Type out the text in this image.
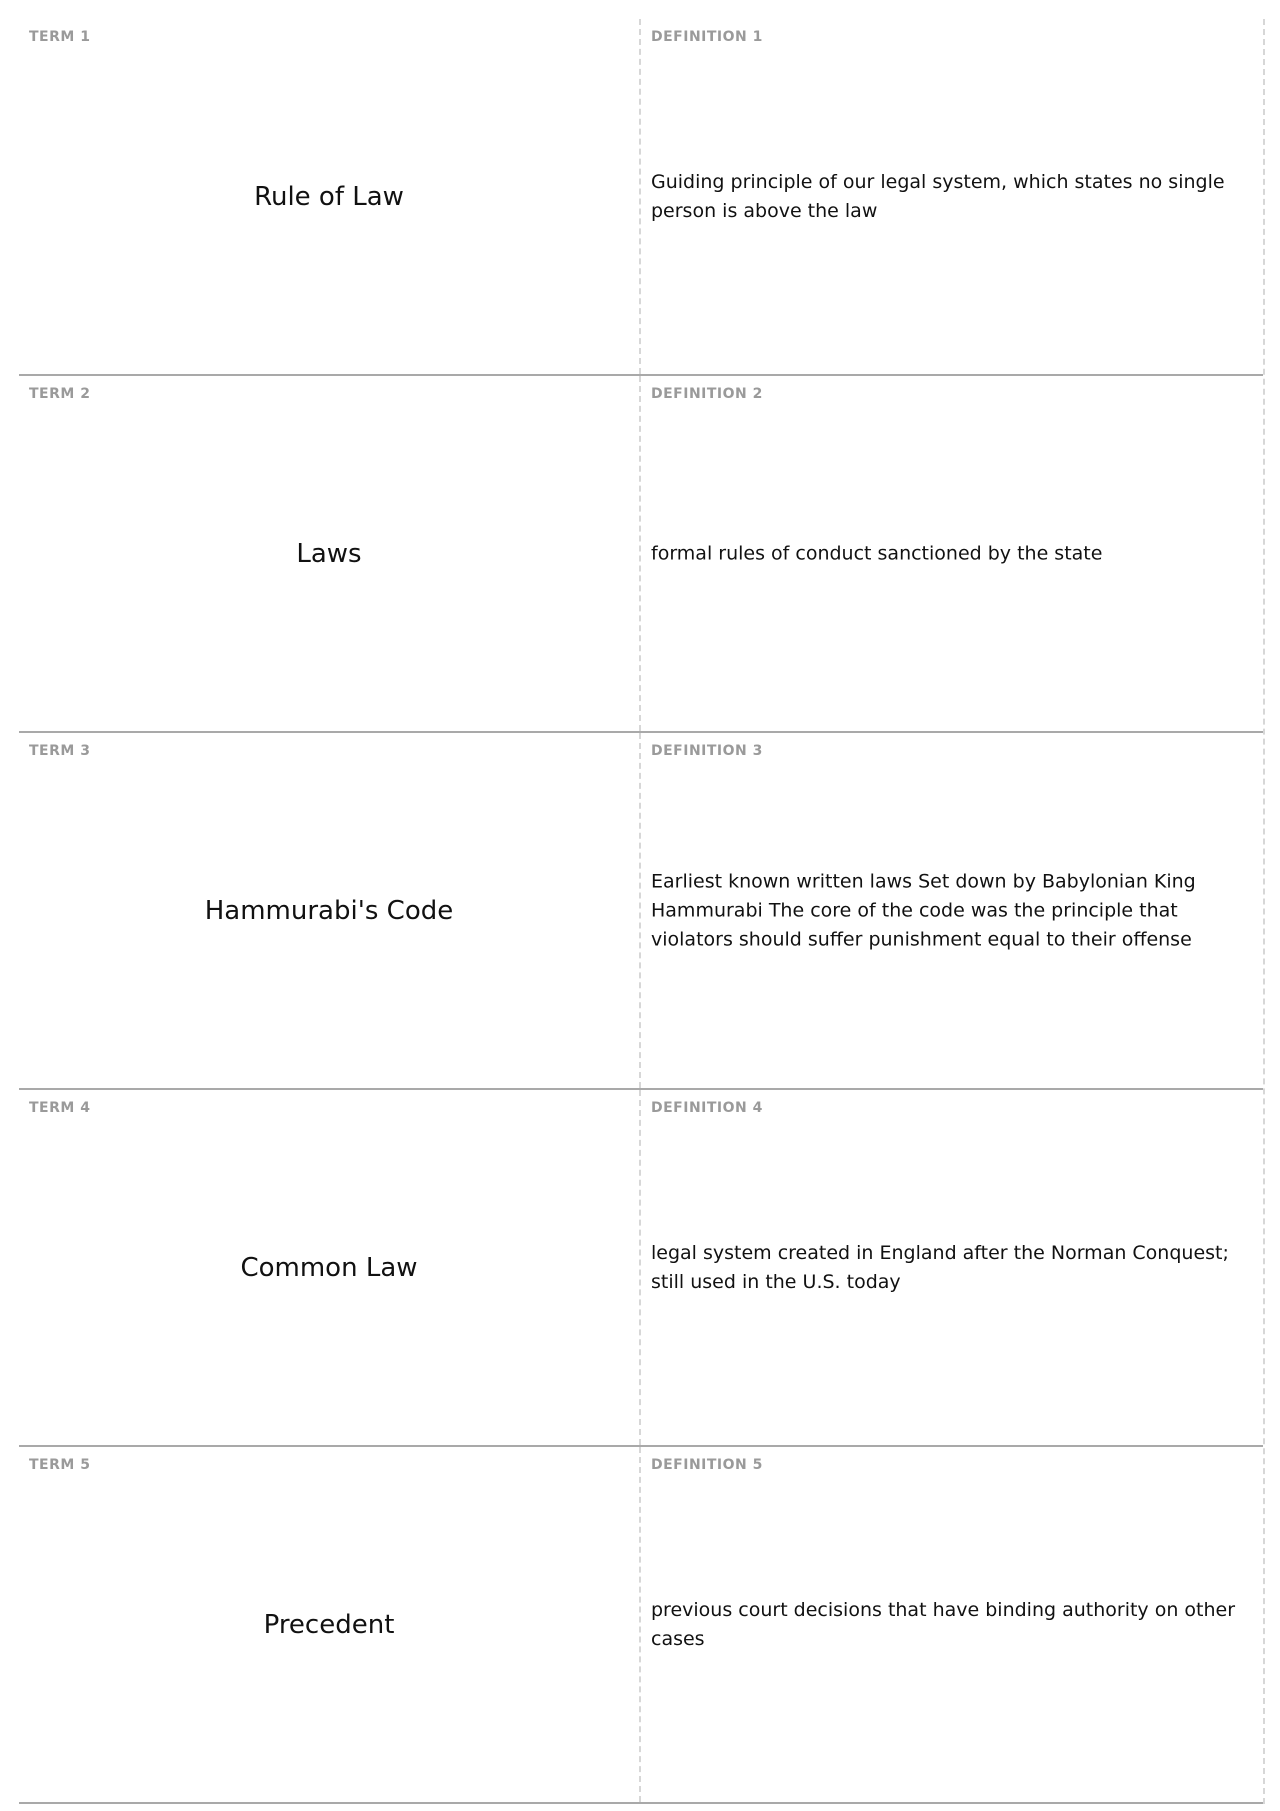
TERM 1
Rule of Law
DEFINITION 1
Guiding principle of our legal system, which states no single person is above the law
TERM 2
Laws
DEFINITION 2
formal rules of conduct sanctioned by the state
TERM 3
Hammurabi's Code
DEFINITION 3
Earliest known written laws Set down by Babylonian King Hammurabi The core of the code was the principle that violators should suffer punishment equal to their offense
TERM 4
Common Law
DEFINITION 4
legal system created in England after the Norman Conquest; still used in the U.S. today
TERM 5
Precedent
DEFINITION 5
previous court decisions that have binding authority on other cases
